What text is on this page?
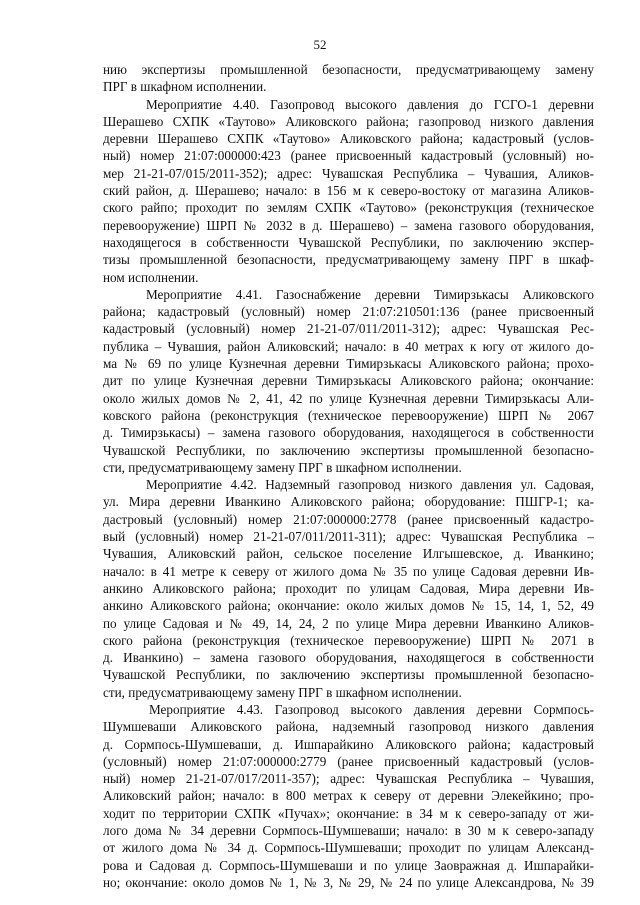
52
нию экспертизы промышленной безопасности, предусматривающему замену
ПРГ в шкафном исполнении.
Мероприятие 4.40. Газопровод высокого давления до ГСГО-1 деревни
Шерашево СХПК «Таутово» Аликовского района; газопровод низкого давления
деревни Шерашево СХПК «Таутово» Аликовского района; кадастровый (услов-
ный) номер 21:07:000000:423 (ранее присвоенный кадастровый (условный) но-
мер 21-21-07/015/2011-352); адрес: Чувашская Республика – Чувашия, Аликов-
ский район, д. Шерашево; начало: в 156 м к северо-востоку от магазина Аликов-
ского райпо; проходит по землям СХПК «Таутово» (реконструкция (техническое
перевооружение) ШРП № 2032 в д. Шерашево) – замена газового оборудования,
находящегося в собственности Чувашской Республики, по заключению экспер-
тизы промышленной безопасности, предусматривающему замену ПРГ в шкаф-
ном исполнении.
Мероприятие 4.41. Газоснабжение деревни Тимирзькасы Аликовского
района; кадастровый (условный) номер 21:07:210501:136 (ранее присвоенный
кадастровый (условный) номер 21-21-07/011/2011-312); адрес: Чувашская Рес-
публика – Чувашия, район Аликовский; начало: в 40 метрах к югу от жилого до-
ма № 69 по улице Кузнечная деревни Тимирзькасы Аликовского района; прохо-
дит по улице Кузнечная деревни Тимирзькасы Аликовского района; окончание:
около жилых домов № 2, 41, 42 по улице Кузнечная деревни Тимирзькасы Али-
ковского района (реконструкция (техническое перевооружение) ШРП № 2067
д. Тимирзькасы) – замена газового оборудования, находящегося в собственности
Чувашской Республики, по заключению экспертизы промышленной безопасно-
сти, предусматривающему замену ПРГ в шкафном исполнении.
Мероприятие 4.42. Надземный газопровод низкого давления ул. Садовая,
ул. Мира деревни Иванкино Аликовского района; оборудование: ПШГР-1; ка-
дастровый (условный) номер 21:07:000000:2778 (ранее присвоенный кадастро-
вый (условный) номер 21-21-07/011/2011-311); адрес: Чувашская Республика –
Чувашия, Аликовский район, сельское поселение Илгышевское, д. Иванкино;
начало: в 41 метре к северу от жилого дома № 35 по улице Садовая деревни Ив-
анкино Аликовского района; проходит по улицам Садовая, Мира деревни Ив-
анкино Аликовского района; окончание: около жилых домов № 15, 14, 1, 52, 49
по улице Садовая и № 49, 14, 24, 2 по улице Мира деревни Иванкино Аликов-
ского района (реконструкция (техническое перевооружение) ШРП № 2071 в
д. Иванкино) – замена газового оборудования, находящегося в собственности
Чувашской Республики, по заключению экспертизы промышленной безопасно-
сти, предусматривающему замену ПРГ в шкафном исполнении.
Мероприятие 4.43. Газопровод высокого давления деревни Сормпось-
Шумшеваши Аликовского района, надземный газопровод низкого давления
д. Сормпось-Шумшеваши, д. Ишпарайкино Аликовского района; кадастровый
(условный) номер 21:07:000000:2779 (ранее присвоенный кадастровый (услов-
ный) номер 21-21-07/017/2011-357); адрес: Чувашская Республика – Чувашия,
Аликовский район; начало: в 800 метрах к северу от деревни Элекейкино; про-
ходит по территории СХПК «Пучах»; окончание: в 34 м к северо-западу от жи-
лого дома № 34 деревни Сормпось-Шумшеваши; начало: в 30 м к северо-западу
от жилого дома № 34 д. Сормпось-Шумшеваши; проходит по улицам Александ-
рова и Садовая д. Сормпось-Шумшеваши и по улице Заовражная д. Ишпарайки-
но; окончание: около домов № 1, № 3, № 29, № 24 по улице Александрова, № 39
